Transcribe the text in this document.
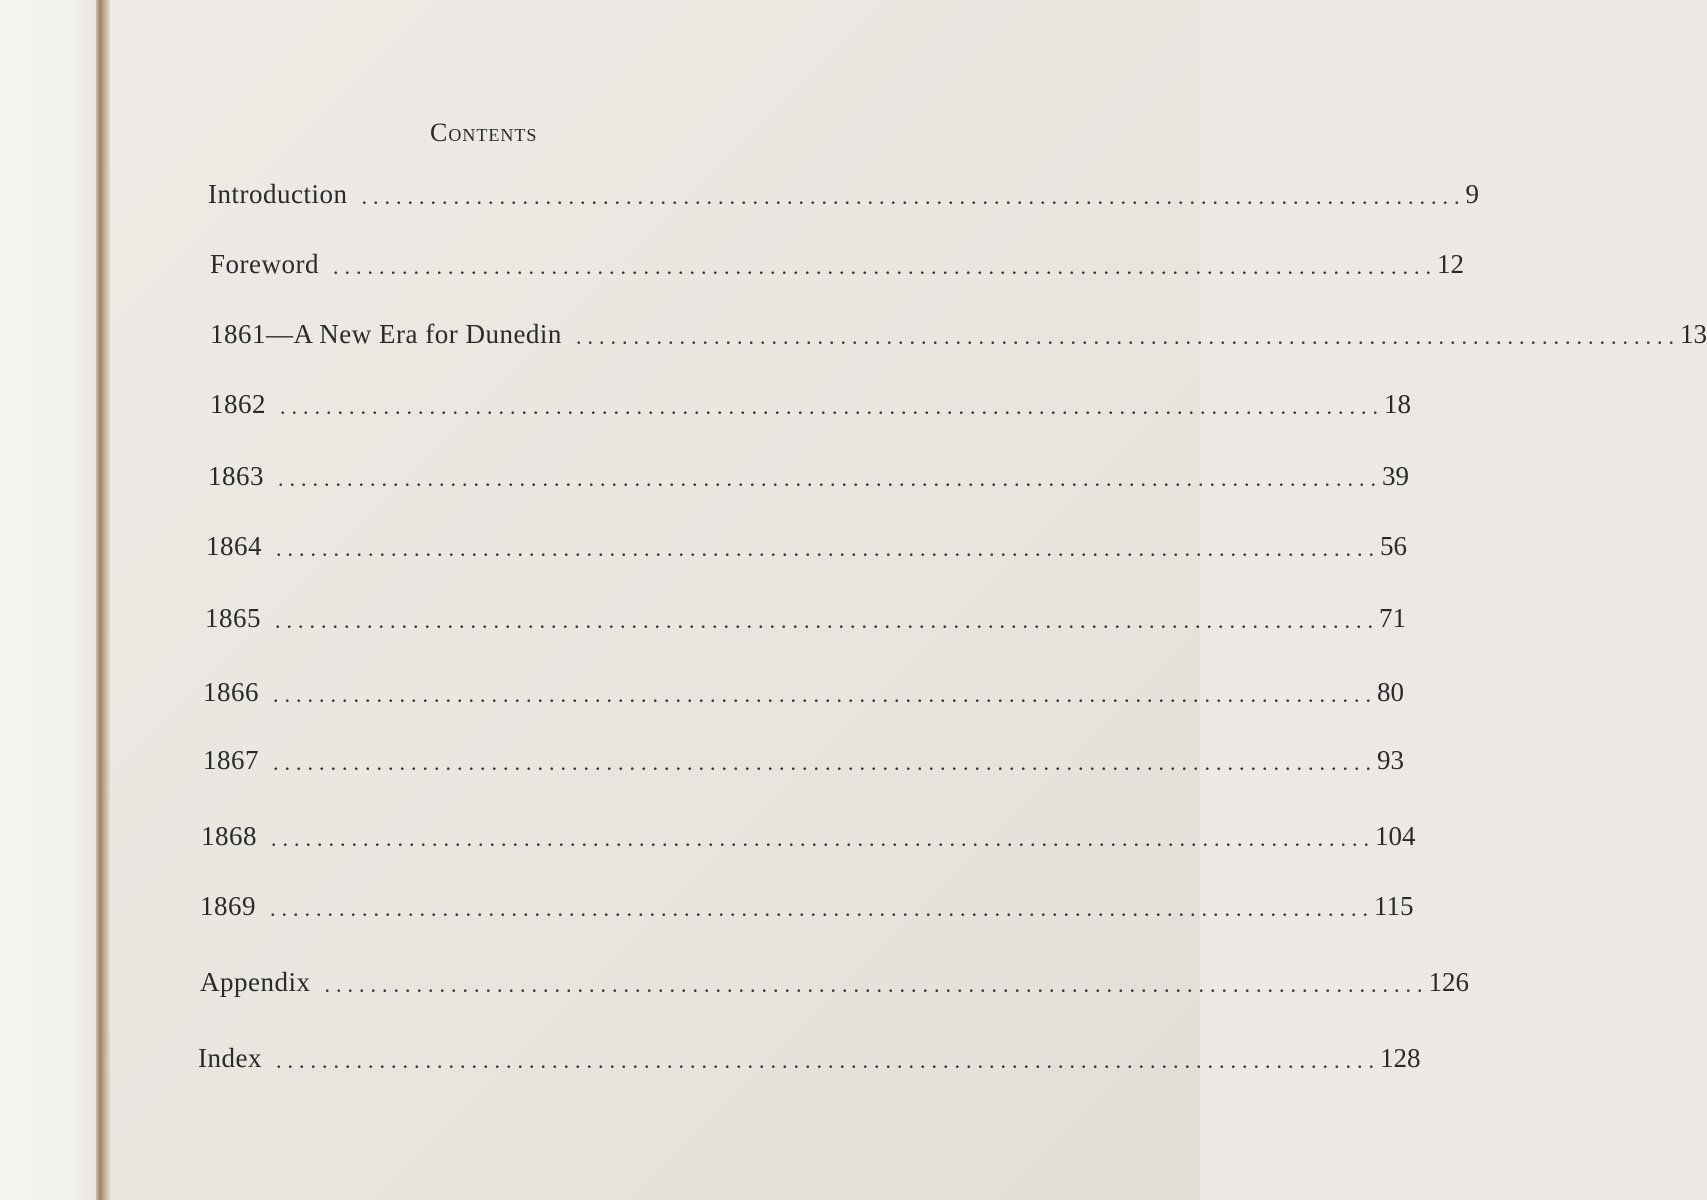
Contents
Introduction ................................................................................................ 9
Foreword ................................................................................................ 12
1861—A New Era for Dunedin ................................................................................................ 13
1862 ................................................................................................ 18
1863 ................................................................................................ 39
1864 ................................................................................................ 56
1865 ................................................................................................ 71
1866 ................................................................................................ 80
1867 ................................................................................................ 93
1868 ................................................................................................ 104
1869 ................................................................................................ 115
Appendix ................................................................................................ 126
Index ................................................................................................ 128
